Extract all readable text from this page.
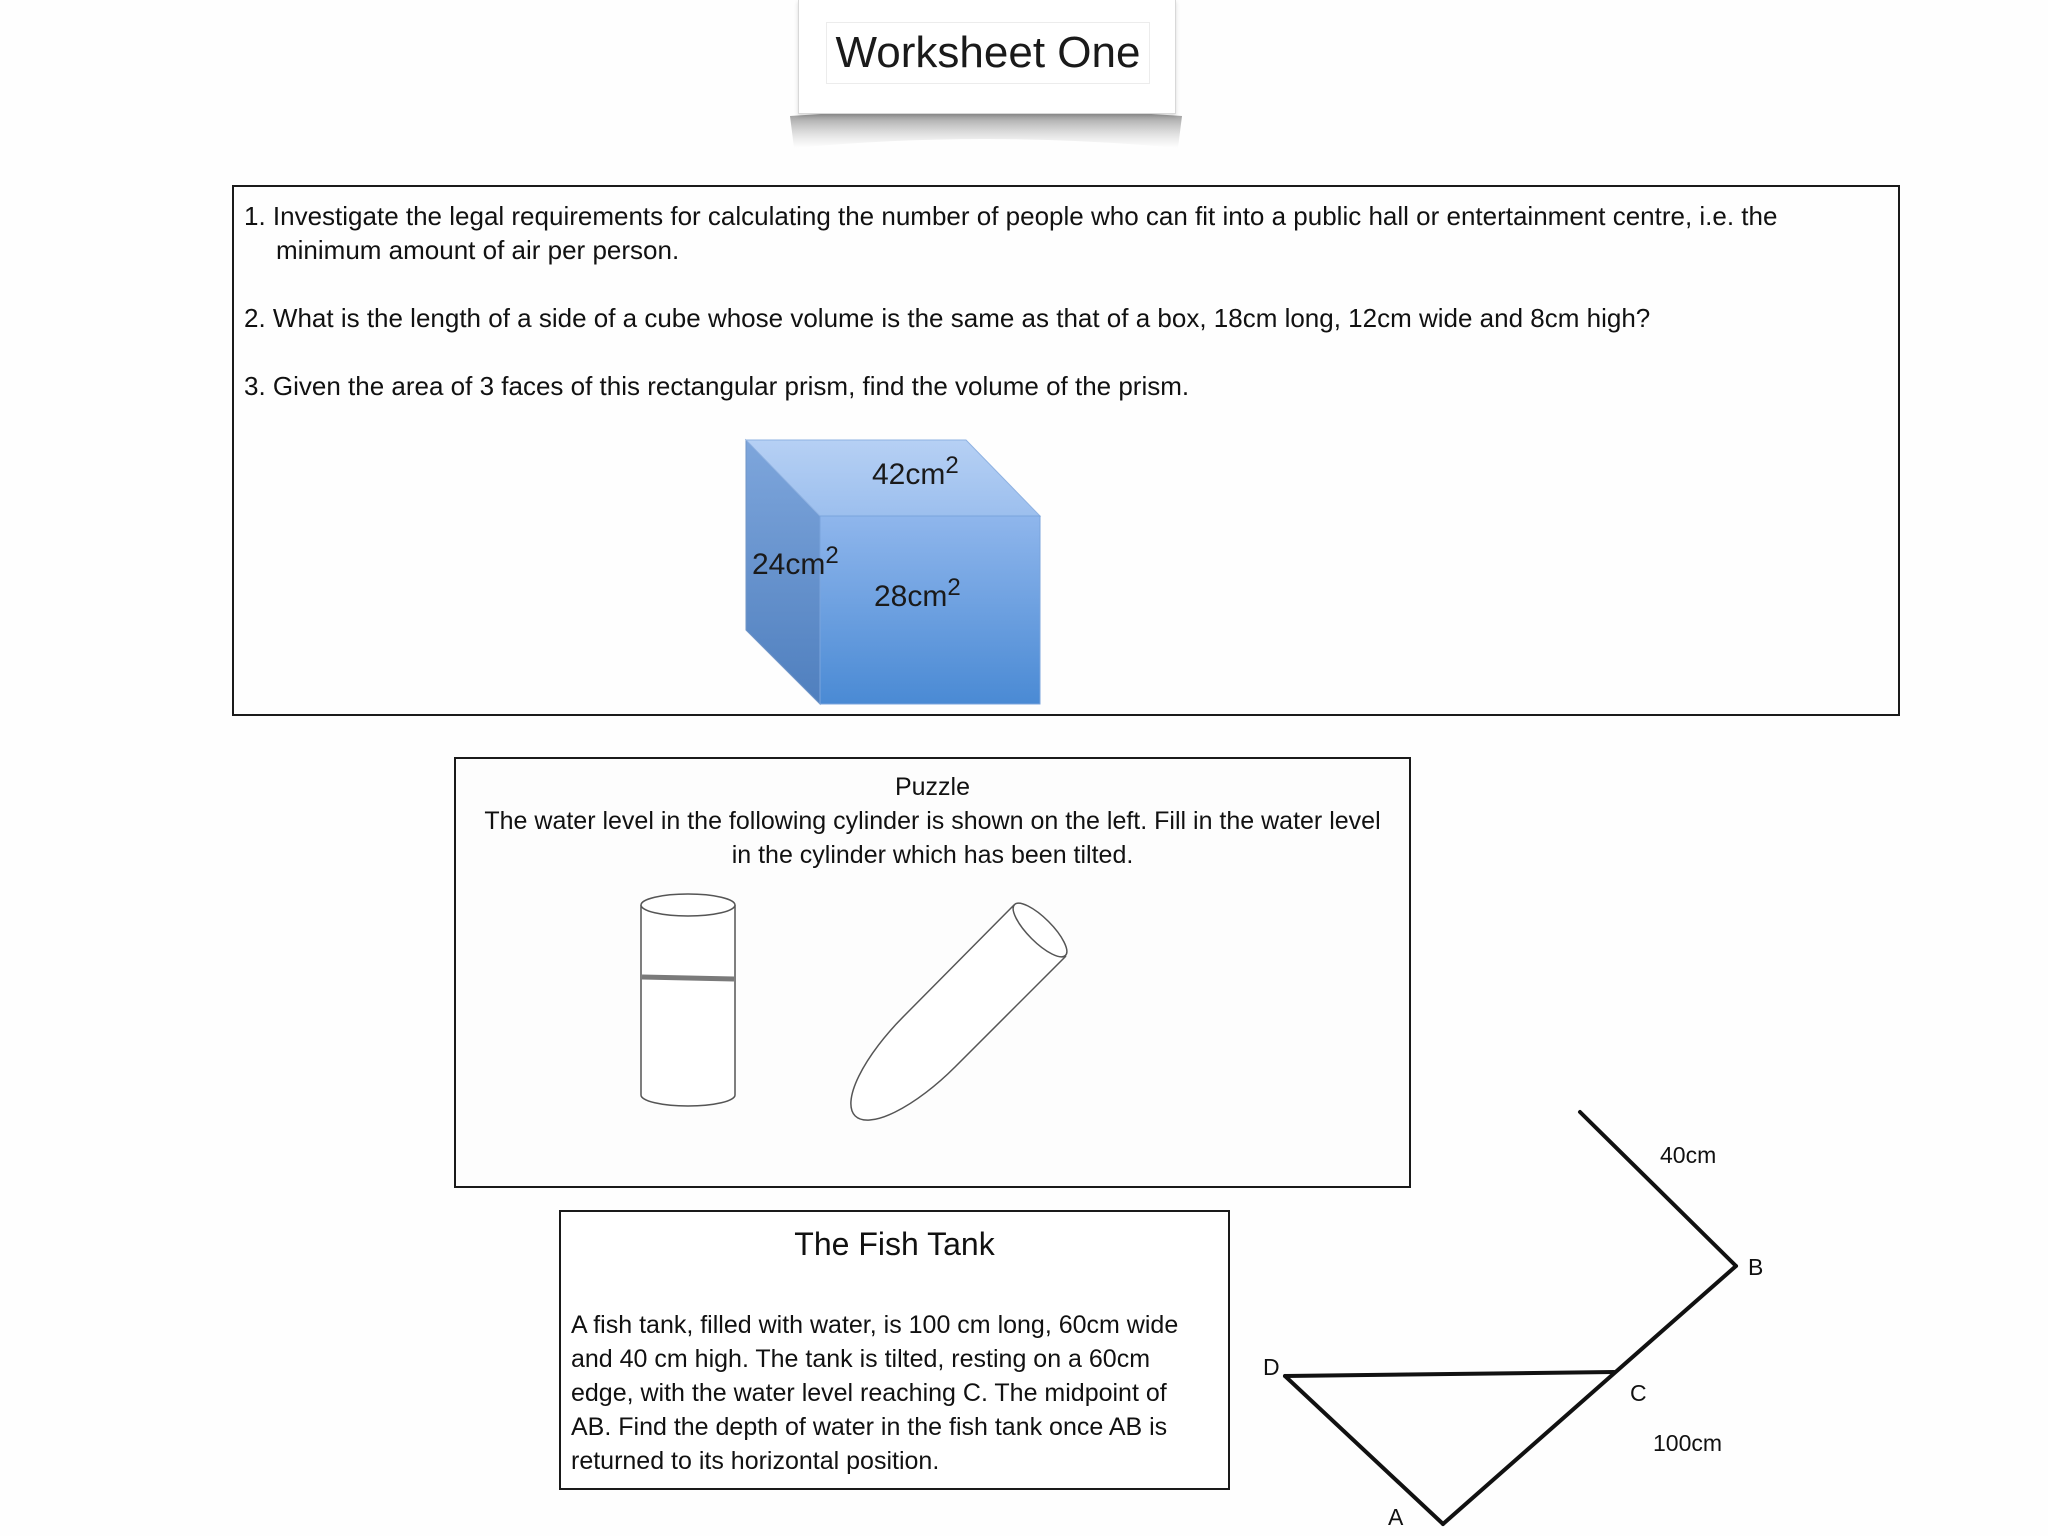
Worksheet One
1. Investigate the legal requirements for calculating the number of people who can fit into a public hall or entertainment centre, i.e. the
minimum amount of air per person.
2. What is the length of a side of a cube whose volume is the same as that of a box, 18cm long, 12cm wide and 8cm high?
3. Given the area of 3 faces of this rectangular prism, find the volume of the prism.
$42cm^2$
$24cm^2$
$28cm^2$
Puzzle
The water level in the following cylinder is shown on the left. Fill in the water level
in the cylinder which has been tilted.
The Fish Tank
A fish tank, filled with water, is 100 cm long, 60cm wide
and 40 cm high. The tank is tilted, resting on a 60cm
edge, with the water level reaching C. The midpoint of
AB. Find the depth of water in the fish tank once AB is
returned to its horizontal position.
40cm
B
D
C
100cm
A
